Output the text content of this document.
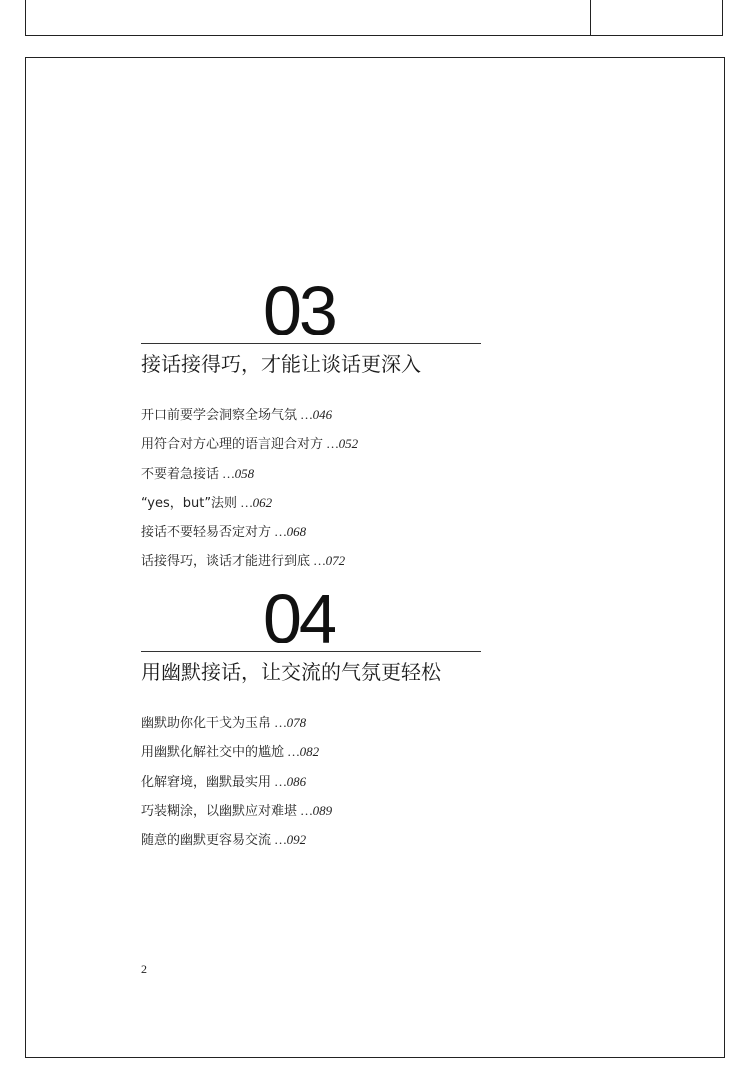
03
接话接得巧，才能让谈话更深入
开口前要学会洞察全场气氛 …046
用符合对方心理的语言迎合对方 …052
不要着急接话 …058
“yes，but”法则 …062
接话不要轻易否定对方 …068
话接得巧，谈话才能进行到底 …072
04
用幽默接话，让交流的气氛更轻松
幽默助你化干戈为玉帛 …078
用幽默化解社交中的尴尬 …082
化解窘境，幽默最实用 …086
巧装糊涂，以幽默应对难堪 …089
随意的幽默更容易交流 …092
2
